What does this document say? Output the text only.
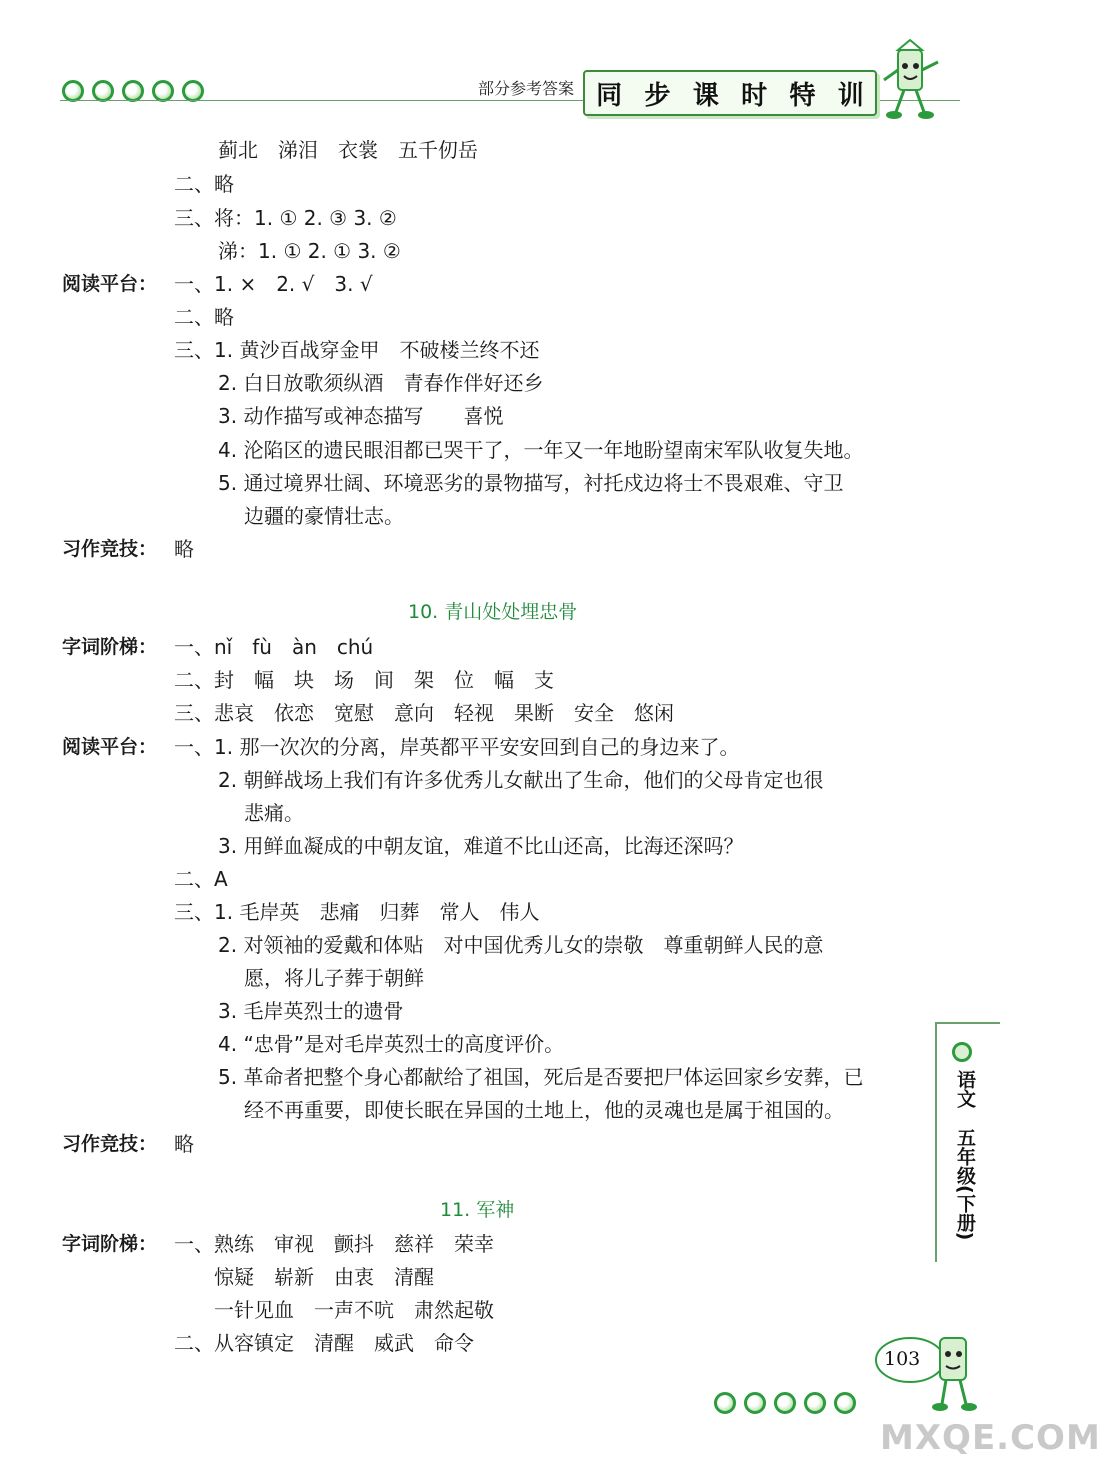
部分参考答案 同 步 课 时 特 训
蓟北　涕泪　衣裳　五千仞岳
二、略
三、将：1. ① 2. ③ 3. ②
涕：1. ① 2. ① 3. ②
阅读平台： 一、1. ×　2. √　3. √
二、略
三、1. 黄沙百战穿金甲　不破楼兰终不还
2. 白日放歌须纵酒　青春作伴好还乡
3. 动作描写或神态描写　　喜悦
4. 沦陷区的遗民眼泪都已哭干了，一年又一年地盼望南宋军队收复失地。
5. 通过境界壮阔、环境恶劣的景物描写，衬托戍边将士不畏艰难、守卫
边疆的豪情壮志。
习作竞技： 略
10. 青山处处埋忠骨
字词阶梯： 一、nǐ　fù　àn　chú
二、封　幅　块　场　间　架　位　幅　支
三、悲哀　依恋　宽慰　意向　轻视　果断　安全　悠闲
阅读平台： 一、1. 那一次次的分离，岸英都平平安安回到自己的身边来了。
2. 朝鲜战场上我们有许多优秀儿女献出了生命，他们的父母肯定也很
悲痛。
3. 用鲜血凝成的中朝友谊，难道不比山还高，比海还深吗？
二、A
三、1. 毛岸英　悲痛　归葬　常人　伟人
2. 对领袖的爱戴和体贴　对中国优秀儿女的崇敬　尊重朝鲜人民的意
愿，将儿子葬于朝鲜
3. 毛岸英烈士的遗骨
4. “忠骨”是对毛岸英烈士的高度评价。
5. 革命者把整个身心都献给了祖国，死后是否要把尸体运回家乡安葬，已
经不再重要，即使长眠在异国的土地上，他的灵魂也是属于祖国的。
习作竞技： 略
11. 军神
字词阶梯： 一、熟练　审视　颤抖　慈祥　荣幸
惊疑　崭新　由衷　清醒
一针见血　一声不吭　肃然起敬
二、从容镇定　清醒　威武　命令
语文
五年级(下册)
103
MXQE.COM
